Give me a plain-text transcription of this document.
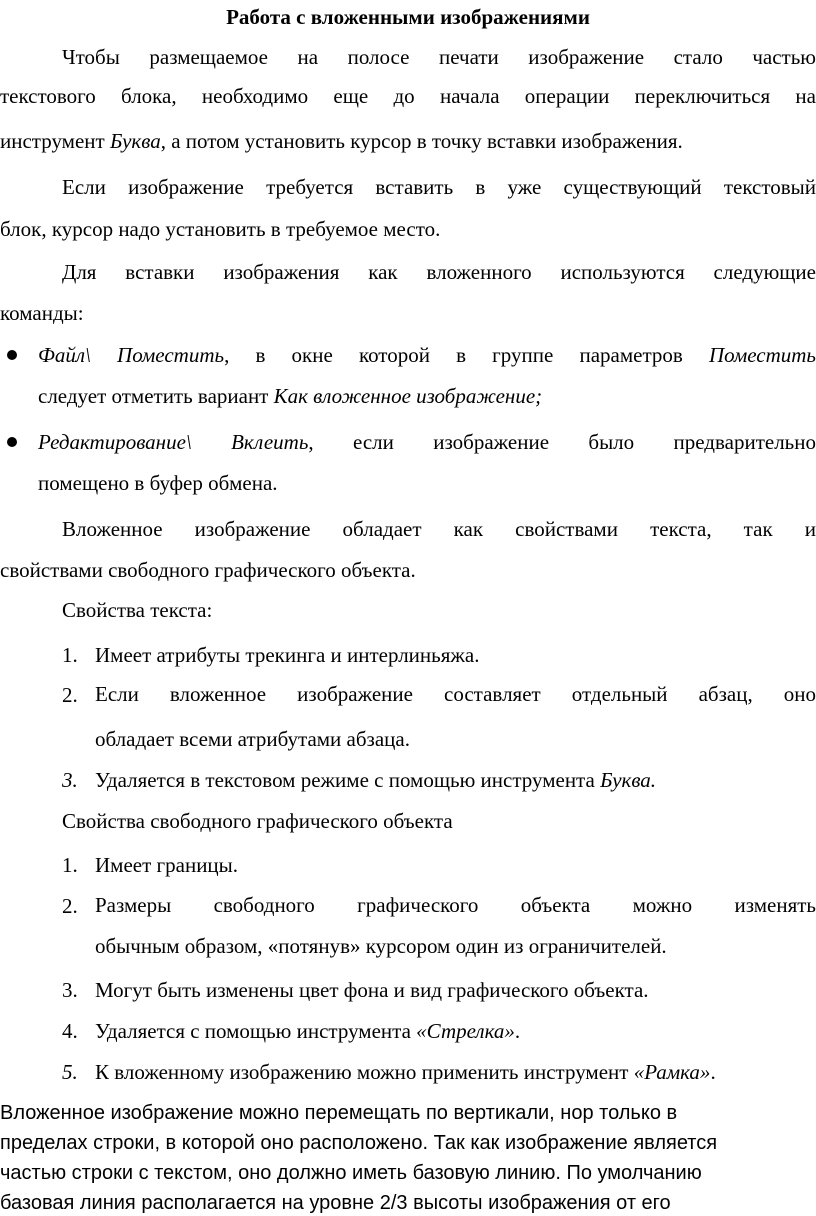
Работа с вложенными изображениями
Чтобы размещаемое на полосе печати изображение стало частью
текстового блока, необходимо еще до начала операции переключиться на
инструмент Буква, а потом установить курсор в точку вставки изображения.
Если изображение требуется вставить в уже существующий текстовый
блок, курсор надо установить в требуемое место.
Для вставки изображения как вложенного используются следующие
команды:
Файл\ Поместить, в окне которой в группе параметров Поместить
следует отметить вариант Как вложенное изображение;
Редактирование\ Вклеить, если изображение было предварительно
помещено в буфер обмена.
Вложенное изображение обладает как свойствами текста, так и
свойствами свободного графического объекта.
Свойства текста:
1. Имеет атрибуты трекинга и интерлиньяжа.
2. Если вложенное изображение составляет отдельный абзац, оно
обладает всеми атрибутами абзаца.
3. Удаляется в текстовом режиме с помощью инструмента Буква.
Свойства свободного графического объекта
1. Имеет границы.
2. Размеры свободного графического объекта можно изменять
обычным образом, «потянув» курсором один из ограничителей.
3. Могут быть изменены цвет фона и вид графического объекта.
4. Удаляется с помощью инструмента «Стрелка».
5. К вложенному изображению можно применить инструмент «Рамка».
Вложенное изображение можно перемещать по вертикали, нор только в
пределах строки, в которой оно расположено. Так как изображение является
частью строки с текстом, оно должно иметь базовую линию. По умолчанию
базовая линия располагается на уровне 2/3 высоты изображения от его
